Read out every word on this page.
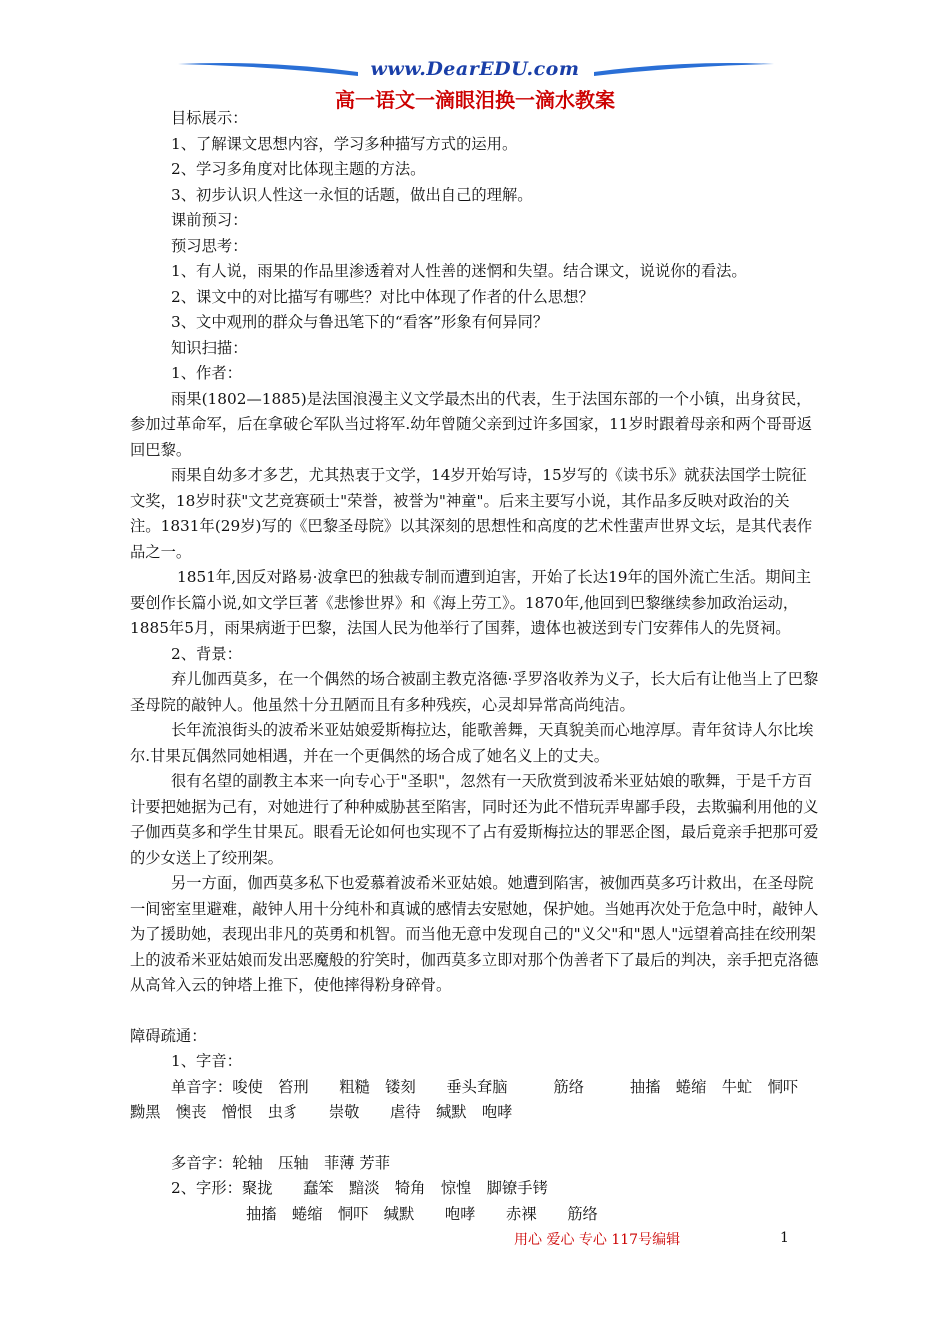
www.DearEDU.com
高一语文一滴眼泪换一滴水教案

目标展示：

1、了解课文思想内容，学习多种描写方式的运用。

2、学习多角度对比体现主题的方法。

3、初步认识人性这一永恒的话题，做出自己的理解。

课前预习：

预习思考：

1、有人说，雨果的作品里渗透着对人性善的迷惘和失望。结合课文，说说你的看法。

2、课文中的对比描写有哪些？对比中体现了作者的什么思想？

3、文中观刑的群众与鲁迅笔下的“看客”形象有何异同？

知识扫描：

1、作者：

雨果(1802—1885)是法国浪漫主义文学最杰出的代表，生于法国东部的一个小镇，出身贫民，参加过革命军，后在拿破仑军队当过将军.幼年曾随父亲到过许多国家，11岁时跟着母亲和两个哥哥返回巴黎。

雨果自幼多才多艺，尤其热衷于文学，14岁开始写诗，15岁写的《读书乐》就获法国学士院征文奖，18岁时获"文艺竞赛硕士"荣誉，被誉为"神童"。后来主要写小说，其作品多反映对政治的关注。1831年(29岁)写的《巴黎圣母院》以其深刻的思想性和高度的艺术性蜚声世界文坛，是其代表作品之一。

1851年,因反对路易·波拿巴的独裁专制而遭到迫害，开始了长达19年的国外流亡生活。期间主要创作长篇小说,如文学巨著《悲惨世界》和《海上劳工》。1870年,他回到巴黎继续参加政治运动，1885年5月，雨果病逝于巴黎，法国人民为他举行了国葬，遗体也被送到专门安葬伟人的先贤祠。

2、背景：

弃儿伽西莫多，在一个偶然的场合被副主教克洛德·孚罗洛收养为义子，长大后有让他当上了巴黎圣母院的敲钟人。他虽然十分丑陋而且有多种残疾，心灵却异常高尚纯洁。

长年流浪街头的波希米亚姑娘爱斯梅拉达，能歌善舞，天真貌美而心地淳厚。青年贫诗人尔比埃尔.甘果瓦偶然同她相遇，并在一个更偶然的场合成了她名义上的丈夫。

很有名望的副教主本来一向专心于"圣职"，忽然有一天欣赏到波希米亚姑娘的歌舞，于是千方百计要把她据为己有，对她进行了种种威胁甚至陷害，同时还为此不惜玩弄卑鄙手段，去欺骗利用他的义子伽西莫多和学生甘果瓦。眼看无论如何也实现不了占有爱斯梅拉达的罪恶企图，最后竟亲手把那可爱的少女送上了绞刑架。

另一方面，伽西莫多私下也爱慕着波希米亚姑娘。她遭到陷害，被伽西莫多巧计救出，在圣母院一间密室里避难，敲钟人用十分纯朴和真诚的感情去安慰她，保护她。当她再次处于危急中时，敲钟人为了援助她，表现出非凡的英勇和机智。而当他无意中发现自己的"义父"和"恩人"远望着高挂在绞刑架上的波希米亚姑娘而发出恶魔般的狞笑时，伽西莫多立即对那个伪善者下了最后的判决，亲手把克洛德从高耸入云的钟塔上推下，使他摔得粉身碎骨。

障碍疏通：

1、字音：

单音字：唆使　笞刑　　粗糙　镂刻　　垂头耷脑　　　筋络　　　抽搐　蜷缩　牛虻　恫吓

黝黑　懊丧　憎恨　虫豸　　崇敬　　虐待　缄默　咆哮

多音字：轮轴　压轴　菲薄 芳菲

2、字形：聚拢　　蠢笨　黯淡　犄角　惊惶　脚镣手铐

抽搐　蜷缩　恫吓　缄默　　咆哮　　赤裸　　筋络

用心 爱心 专心 117号编辑	1
